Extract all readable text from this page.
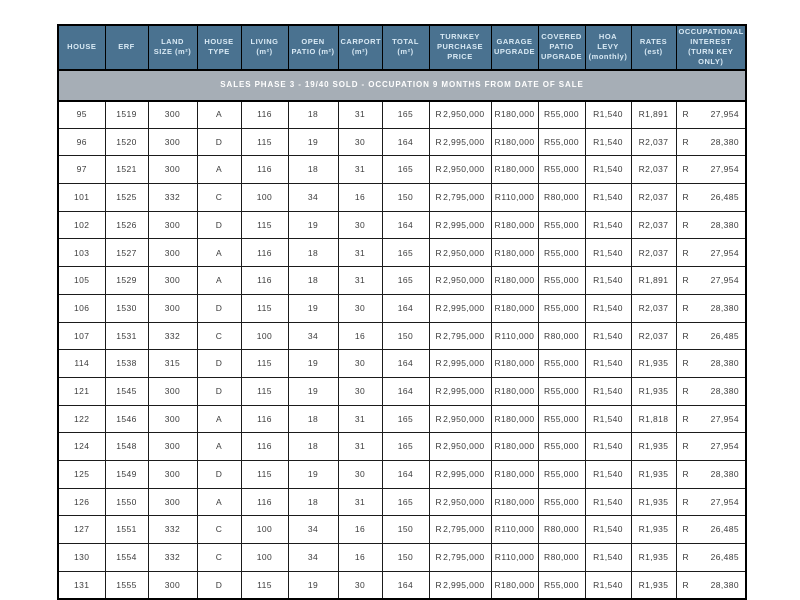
HOUSE	ERF	LAND SIZE (m²)	HOUSE TYPE	LIVING (m²)	OPEN PATIO (m²)	CARPORT (m²)	TOTAL (m²)	TURNKEY PURCHASE PRICE	GARAGE UPGRADE	COVERED PATIO UPGRADE	HOA LEVY (monthly)	RATES (est)	OCCUPATIONAL INTEREST (TURN KEY ONLY)
SALES PHASE 3 - 19/40 SOLD - OCCUPATION 9 MONTHS FROM DATE OF SALE													
95	1519	300	A	116	18	31	165	R 2,950,000	R180,000	R55,000	R1,540	R1,891	R 27,954

96	1520	300	D	115	19	30	164	R 2,995,000	R180,000	R55,000	R1,540	R2,037	R 28,380

97	1521	300	A	116	18	31	165	R 2,950,000	R180,000	R55,000	R1,540	R2,037	R 27,954

101	1525	332	C	100	34	16	150	R 2,795,000	R110,000	R80,000	R1,540	R2,037	R 26,485

102	1526	300	D	115	19	30	164	R 2,995,000	R180,000	R55,000	R1,540	R2,037	R 28,380

103	1527	300	A	116	18	31	165	R 2,950,000	R180,000	R55,000	R1,540	R2,037	R 27,954

105	1529	300	A	116	18	31	165	R 2,950,000	R180,000	R55,000	R1,540	R1,891	R 27,954

106	1530	300	D	115	19	30	164	R 2,995,000	R180,000	R55,000	R1,540	R2,037	R 28,380

107	1531	332	C	100	34	16	150	R 2,795,000	R110,000	R80,000	R1,540	R2,037	R 26,485

114	1538	315	D	115	19	30	164	R 2,995,000	R180,000	R55,000	R1,540	R1,935	R 28,380

121	1545	300	D	115	19	30	164	R 2,995,000	R180,000	R55,000	R1,540	R1,935	R 28,380

122	1546	300	A	116	18	31	165	R 2,950,000	R180,000	R55,000	R1,540	R1,818	R 27,954

124	1548	300	A	116	18	31	165	R 2,950,000	R180,000	R55,000	R1,540	R1,935	R 27,954

125	1549	300	D	115	19	30	164	R 2,995,000	R180,000	R55,000	R1,540	R1,935	R 28,380

126	1550	300	A	116	18	31	165	R 2,950,000	R180,000	R55,000	R1,540	R1,935	R 27,954

127	1551	332	C	100	34	16	150	R 2,795,000	R110,000	R80,000	R1,540	R1,935	R 26,485

130	1554	332	C	100	34	16	150	R 2,795,000	R110,000	R80,000	R1,540	R1,935	R 26,485

131	1555	300	D	115	19	30	164	R 2,995,000	R180,000	R55,000	R1,540	R1,935	R 28,380
